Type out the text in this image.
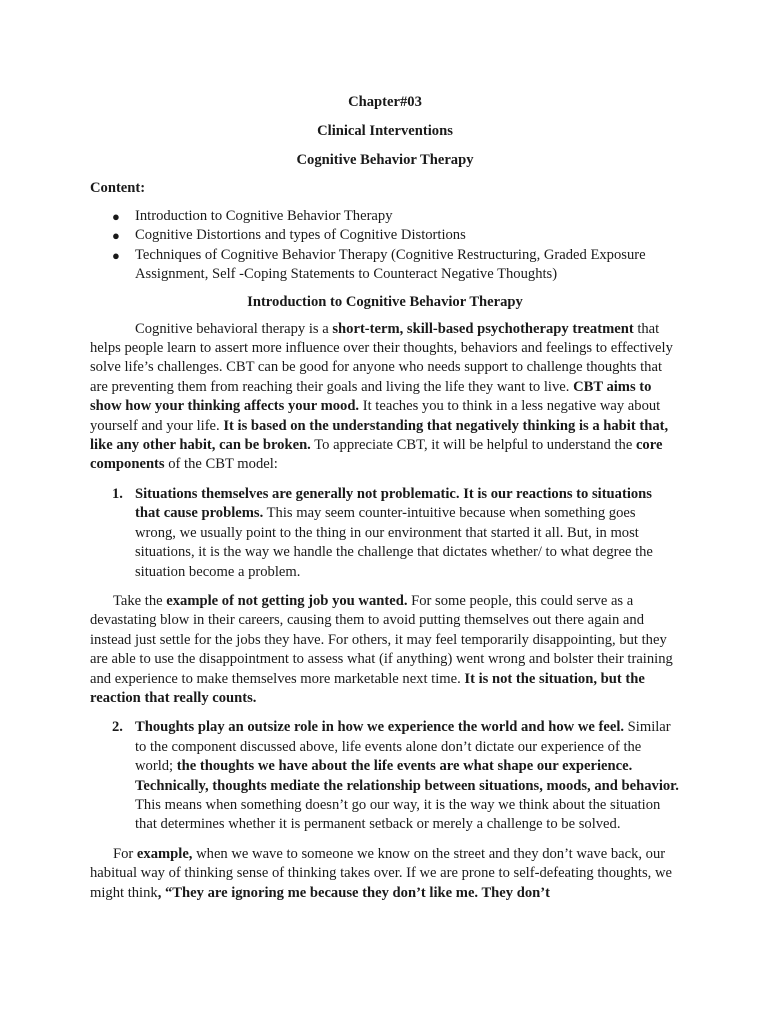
Chapter#03

Clinical Interventions

Cognitive Behavior Therapy

Content:

● Introduction to Cognitive Behavior Therapy
● Cognitive Distortions and types of Cognitive Distortions
● Techniques of Cognitive Behavior Therapy (Cognitive Restructuring, Graded Exposure Assignment, Self -Coping Statements to Counteract Negative Thoughts)

Introduction to Cognitive Behavior Therapy

Cognitive behavioral therapy is a short-term, skill-based psychotherapy treatment that helps people learn to assert more influence over their thoughts, behaviors and feelings to effectively solve life’s challenges. CBT can be good for anyone who needs support to challenge thoughts that are preventing them from reaching their goals and living the life they want to live. CBT aims to show how your thinking affects your mood. It teaches you to think in a less negative way about yourself and your life. It is based on the understanding that negatively thinking is a habit that, like any other habit, can be broken. To appreciate CBT, it will be helpful to understand the core components of the CBT model:

1. Situations themselves are generally not problematic. It is our reactions to situations that cause problems. This may seem counter-intuitive because when something goes wrong, we usually point to the thing in our environment that started it all. But, in most situations, it is the way we handle the challenge that dictates whether/ to what degree the situation become a problem.

Take the example of not getting job you wanted. For some people, this could serve as a devastating blow in their careers, causing them to avoid putting themselves out there again and instead just settle for the jobs they have. For others, it may feel temporarily disappointing, but they are able to use the disappointment to assess what (if anything) went wrong and bolster their training and experience to make themselves more marketable next time. It is not the situation, but the reaction that really counts.

2. Thoughts play an outsize role in how we experience the world and how we feel. Similar to the component discussed above, life events alone don’t dictate our experience of the world; the thoughts we have about the life events are what shape our experience. Technically, thoughts mediate the relationship between situations, moods, and behavior. This means when something doesn’t go our way, it is the way we think about the situation that determines whether it is permanent setback or merely a challenge to be solved.

For example, when we wave to someone we know on the street and they don’t wave back, our habitual way of thinking sense of thinking takes over. If we are prone to self-defeating thoughts, we might think, “They are ignoring me because they don’t like me. They don’t
